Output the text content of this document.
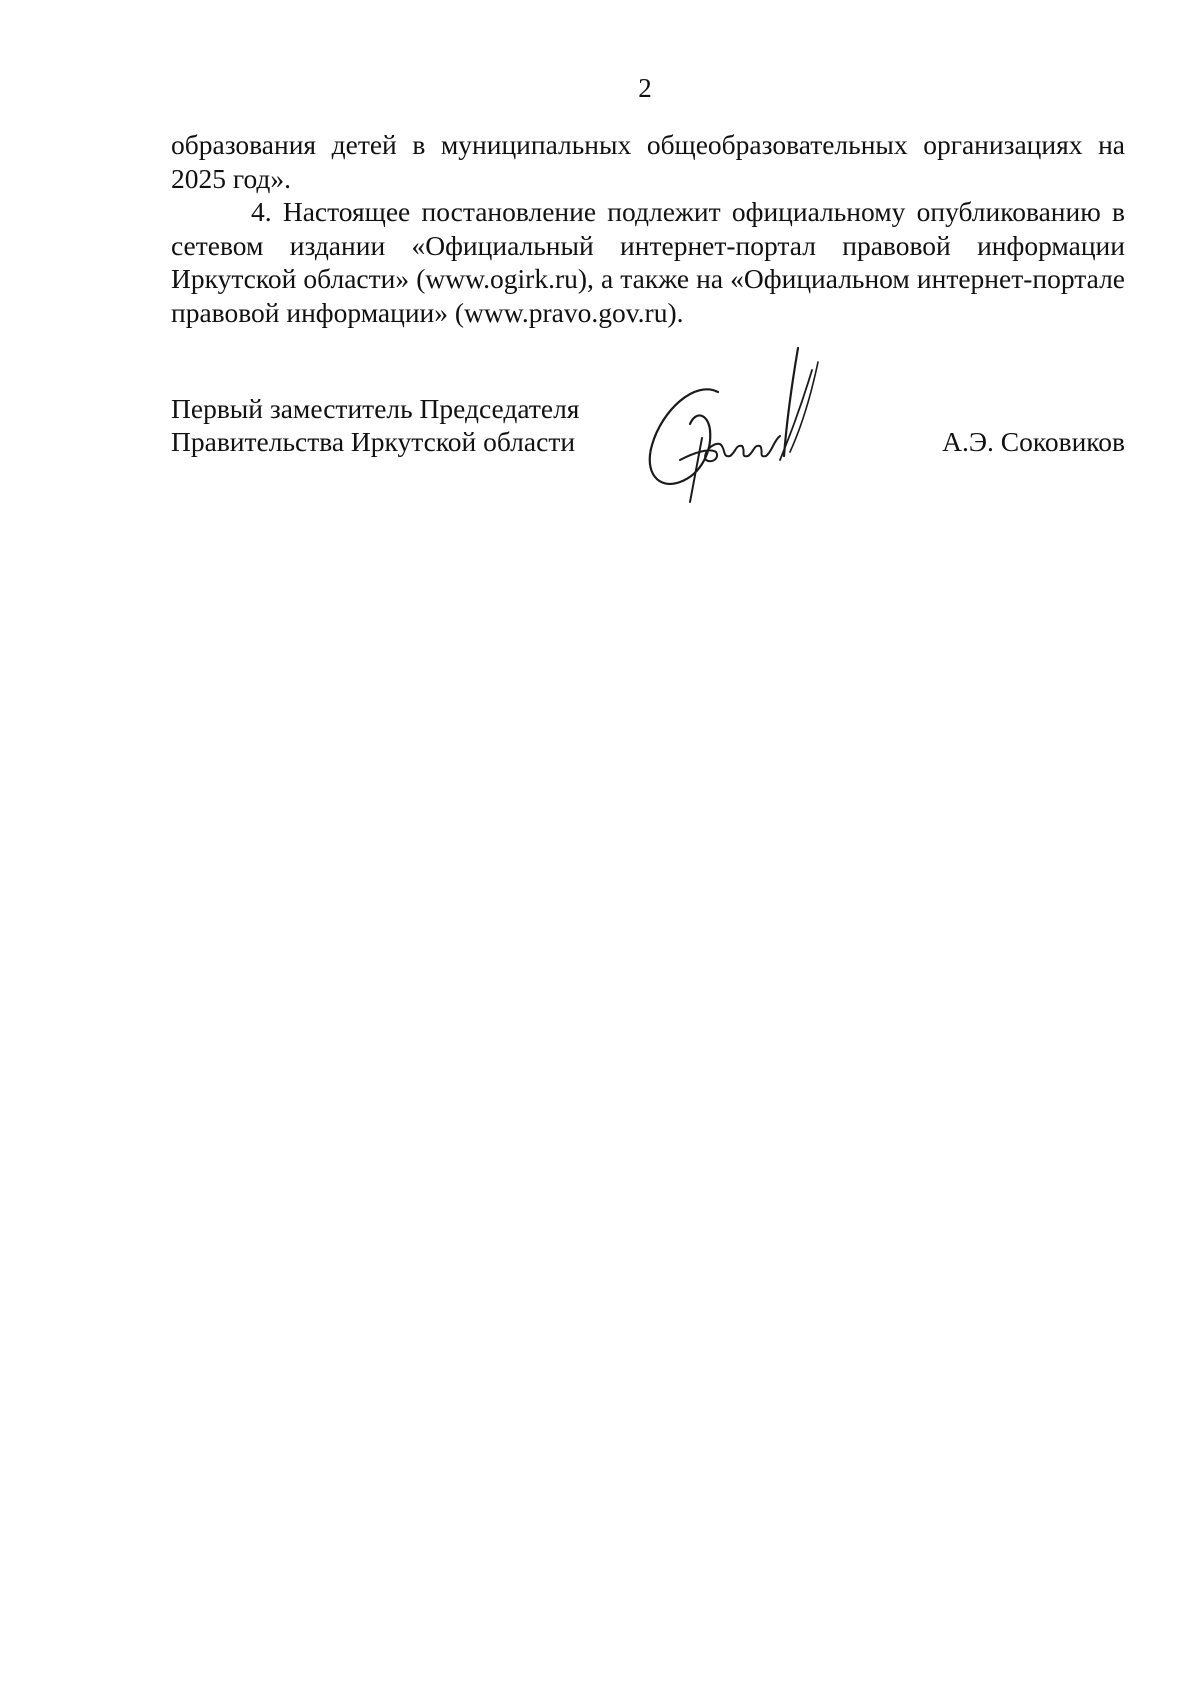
2

образования детей в муниципальных общеобразовательных организациях на 2025 год».

4. Настоящее постановление подлежит официальному опубликованию в сетевом издании «Официальный интернет-портал правовой информации Иркутской области» (www.ogirk.ru), а также на «Официальном интернет-портале правовой информации» (www.pravo.gov.ru).

Первый заместитель Председателя
Правительства Иркутской области	А.Э. Соковиков
